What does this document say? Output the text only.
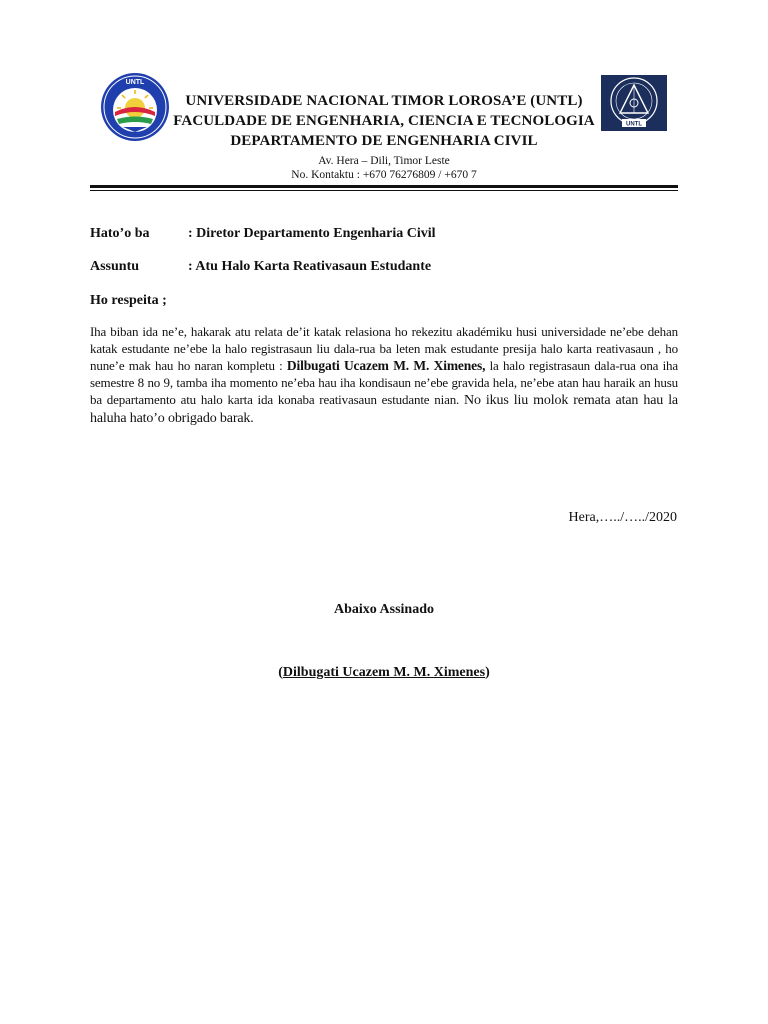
UNTL
UNTL
UNIVERSIDADE NACIONAL TIMOR LOROSA’E (UNTL)
FACULDADE DE ENGENHARIA, CIENCIA E TECNOLOGIA
DEPARTAMENTO DE ENGENHARIA CIVIL
Av. Hera – Dili, Timor Leste
No. Kontaktu : +670 76276809 / +670 7
Hato’o ba	: Diretor Departamento Engenharia Civil
Assuntu	: Atu Halo Karta Reativasaun Estudante
Ho respeita ;
Iha biban ida ne’e, hakarak atu relata de’it katak relasiona ho rekezitu akadémiku husi universidade ne’ebe dehan katak estudante ne’ebe la halo registrasaun liu dala-rua ba leten mak estudante presija halo karta reativasaun , ho nune’e mak hau ho naran kompletu : Dilbugati Ucazem M. M. Ximenes, la halo registrasaun dala-rua ona iha semestre 8 no 9, tamba iha momento ne’eba hau iha kondisaun ne’ebe gravida hela, ne’ebe atan hau haraik an husu ba departamento atu halo karta ida konaba reativasaun estudante nian. No ikus liu molok remata atan hau la haluha hato’o obrigado barak.
Hera,…../…../2020
Abaixo Assinado
(Dilbugati Ucazem M. M. Ximenes)
